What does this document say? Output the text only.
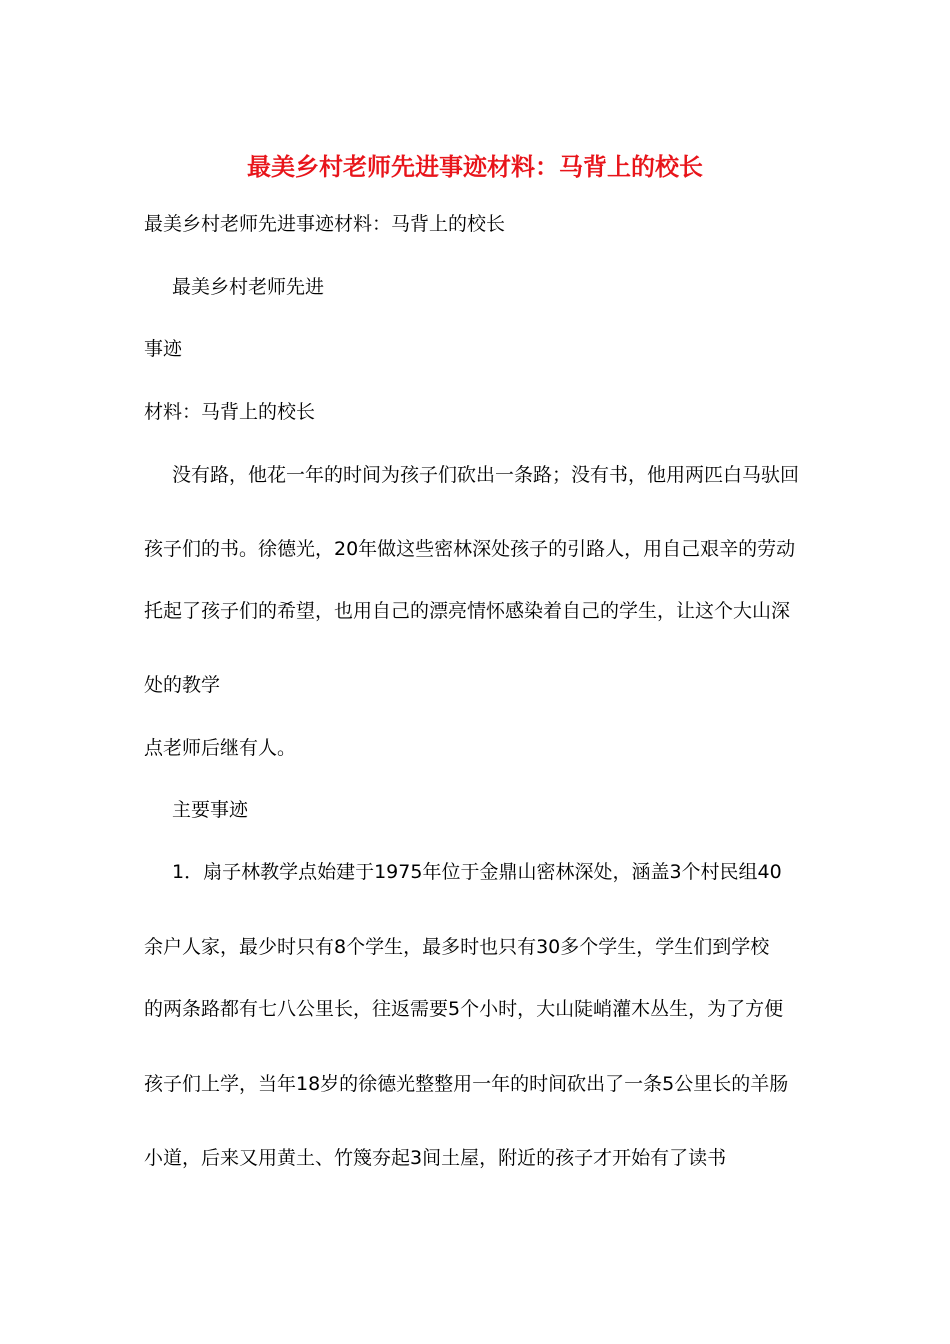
最美乡村老师先进事迹材料：马背上的校长
最美乡村老师先进事迹材料：马背上的校长
最美乡村老师先进
事迹
材料：马背上的校长
没有路，他花一年的时间为孩子们砍出一条路；没有书，他用两匹白马驮回
孩子们的书。徐德光，20年做这些密林深处孩子的引路人，用自己艰辛的劳动
托起了孩子们的希望，也用自己的漂亮情怀感染着自己的学生，让这个大山深
处的教学
点老师后继有人。
主要事迹
1．扇子林教学点始建于1975年位于金鼎山密林深处，涵盖3个村民组40
余户人家，最少时只有8个学生，最多时也只有30多个学生，学生们到学校
的两条路都有七八公里长，往返需要5个小时，大山陡峭灌木丛生，为了方便
孩子们上学，当年18岁的徐德光整整用一年的时间砍出了一条5公里长的羊肠
小道，后来又用黄土、竹篾夯起3间土屋，附近的孩子才开始有了读书
